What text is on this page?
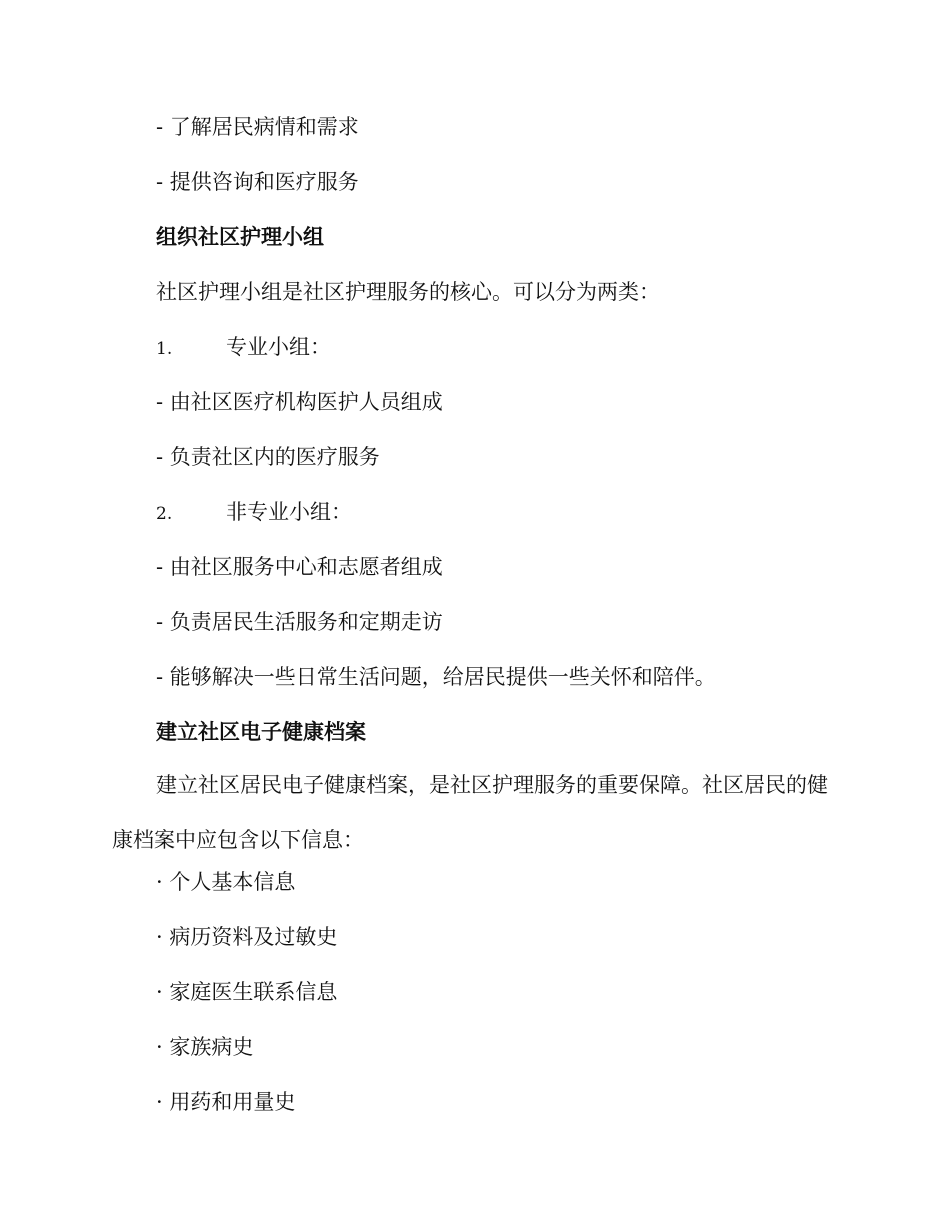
- 了解居民病情和需求
- 提供咨询和医疗服务
组织社区护理小组
社区护理小组是社区护理服务的核心。可以分为两类：
1.	专业小组：
- 由社区医疗机构医护人员组成
- 负责社区内的医疗服务
2.	非专业小组：
- 由社区服务中心和志愿者组成
- 负责居民生活服务和定期走访
- 能够解决一些日常生活问题，给居民提供一些关怀和陪伴。
建立社区电子健康档案
建立社区居民电子健康档案，是社区护理服务的重要保障。社区居民的健康档案中应包含以下信息：
· 个人基本信息
· 病历资料及过敏史
· 家庭医生联系信息
· 家族病史
· 用药和用量史
